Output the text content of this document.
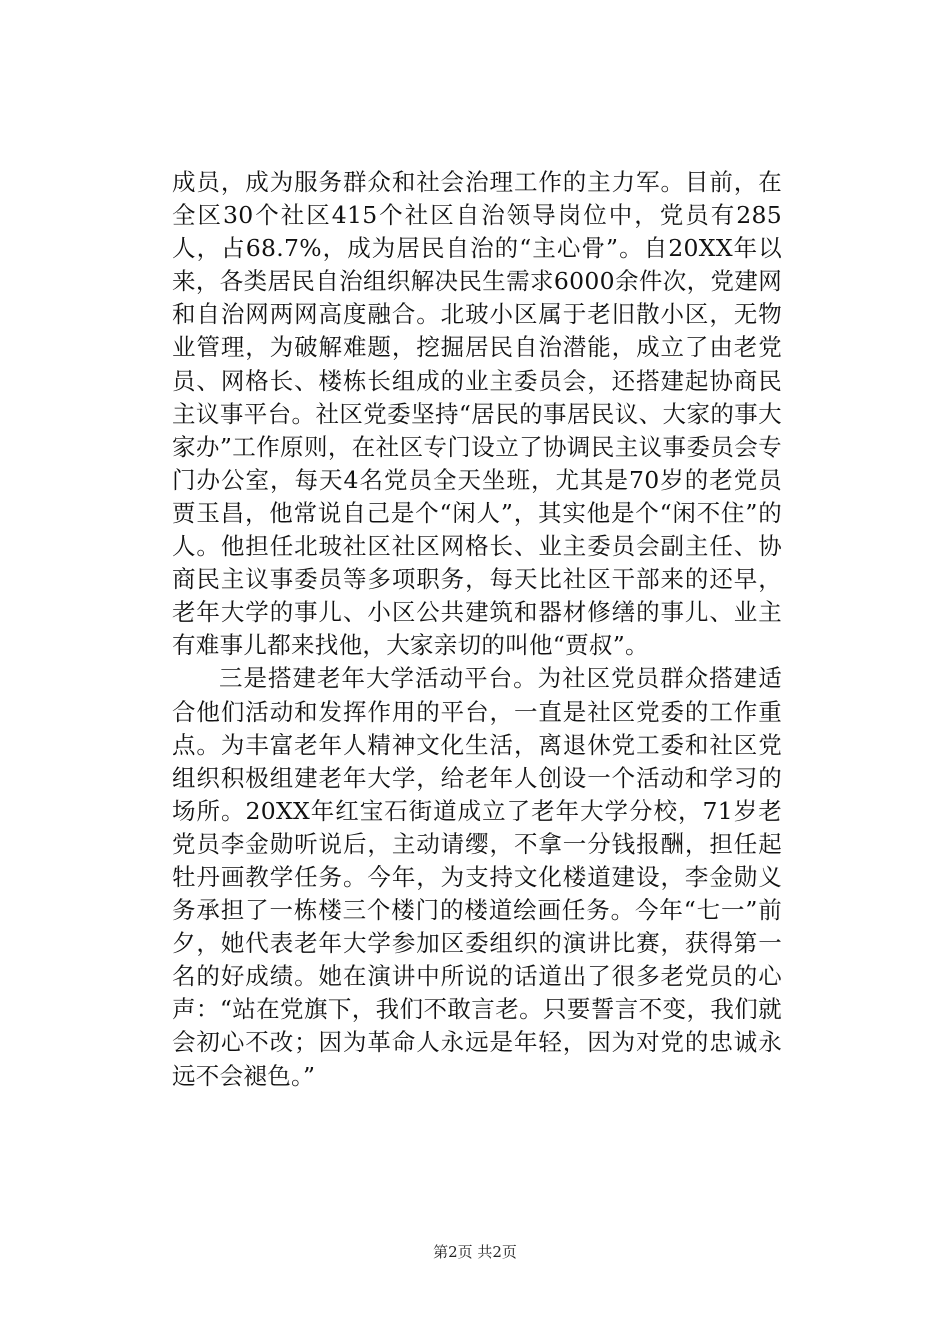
成员，成为服务群众和社会治理工作的主力军。目前，在全区30个社区415个社区自治领导岗位中，党员有285人，占68.7%，成为居民自治的“主心骨”。自20XX年以来，各类居民自治组织解决民生需求6000余件次，党建网和自治网两网高度融合。北玻小区属于老旧散小区，无物业管理，为破解难题，挖掘居民自治潜能，成立了由老党员、网格长、楼栋长组成的业主委员会，还搭建起协商民主议事平台。社区党委坚持“居民的事居民议、大家的事大家办”工作原则，在社区专门设立了协调民主议事委员会专门办公室，每天4名党员全天坐班，尤其是70岁的老党员贾玉昌，他常说自己是个“闲人”，其实他是个“闲不住”的人。他担任北玻社区社区网格长、业主委员会副主任、协商民主议事委员等多项职务，每天比社区干部来的还早，老年大学的事儿、小区公共建筑和器材修缮的事儿、业主有难事儿都来找他，大家亲切的叫他“贾叔”。

三是搭建老年大学活动平台。为社区党员群众搭建适合他们活动和发挥作用的平台，一直是社区党委的工作重点。为丰富老年人精神文化生活，离退休党工委和社区党组织积极组建老年大学，给老年人创设一个活动和学习的场所。20XX年红宝石街道成立了老年大学分校，71岁老党员李金勋听说后，主动请缨，不拿一分钱报酬，担任起牡丹画教学任务。今年，为支持文化楼道建设，李金勋义务承担了一栋楼三个楼门的楼道绘画任务。今年“七一”前夕，她代表老年大学参加区委组织的演讲比赛，获得第一名的好成绩。她在演讲中所说的话道出了很多老党员的心声：“站在党旗下，我们不敢言老。只要誓言不变，我们就会初心不改；因为革命人永远是年轻，因为对党的忠诚永远不会褪色。”

第2页 共2页
